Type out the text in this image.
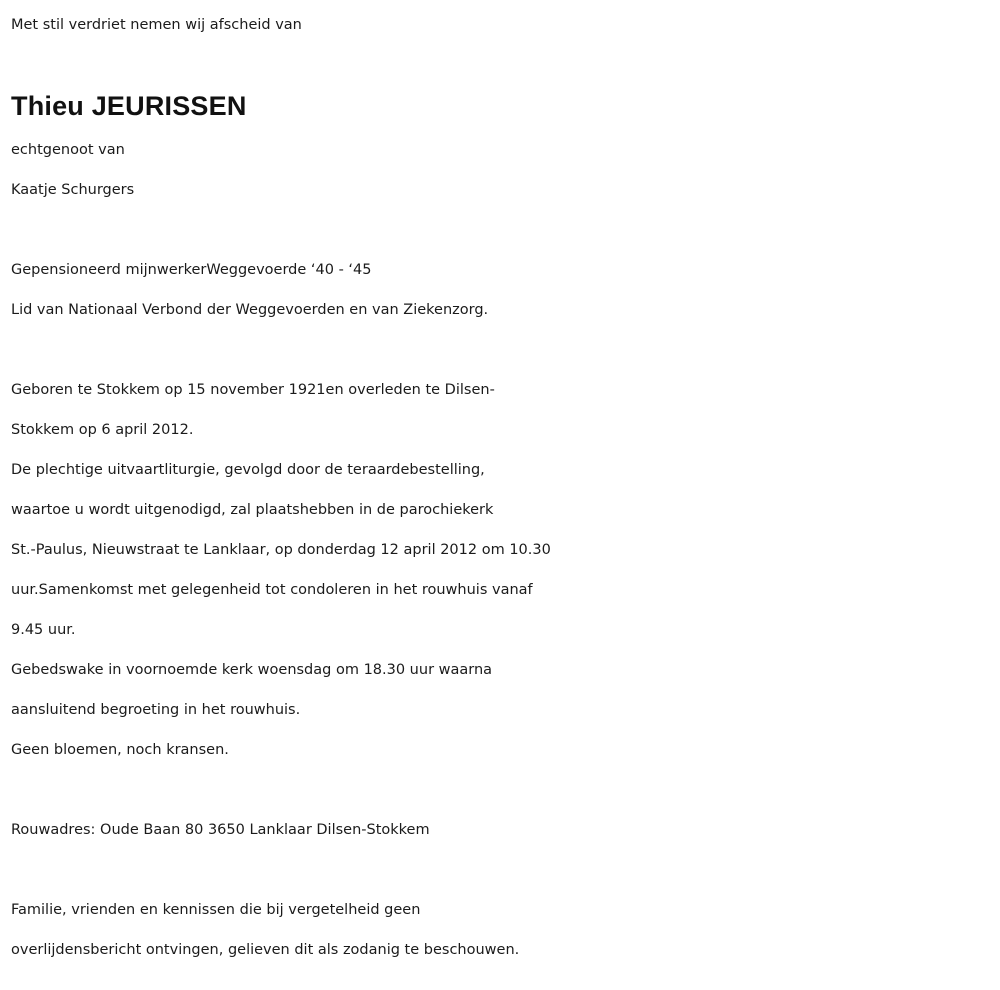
Met stil verdriet nemen wij afscheid van
Thieu JEURISSEN
echtgenoot van
Kaatje Schurgers
Gepensioneerd mijnwerkerWeggevoerde ‘40 - ‘45
Lid van Nationaal Verbond der Weggevoerden en van Ziekenzorg.
Geboren te Stokkem op 15 november 1921en overleden te Dilsen-
Stokkem op 6 april 2012.
De plechtige uitvaartliturgie, gevolgd door de teraardebestelling,
waartoe u wordt uitgenodigd, zal plaatshebben in de parochiekerk
St.-Paulus, Nieuwstraat te Lanklaar, op donderdag 12 april 2012 om 10.30
uur.Samenkomst met gelegenheid tot condoleren in het rouwhuis vanaf
9.45 uur.
Gebedswake in voornoemde kerk woensdag om 18.30 uur waarna
aansluitend begroeting in het rouwhuis.
Geen bloemen, noch kransen.
Rouwadres: Oude Baan 80 3650 Lanklaar Dilsen-Stokkem
Familie, vrienden en kennissen die bij vergetelheid geen
overlijdensbericht ontvingen, gelieven dit als zodanig te beschouwen.
